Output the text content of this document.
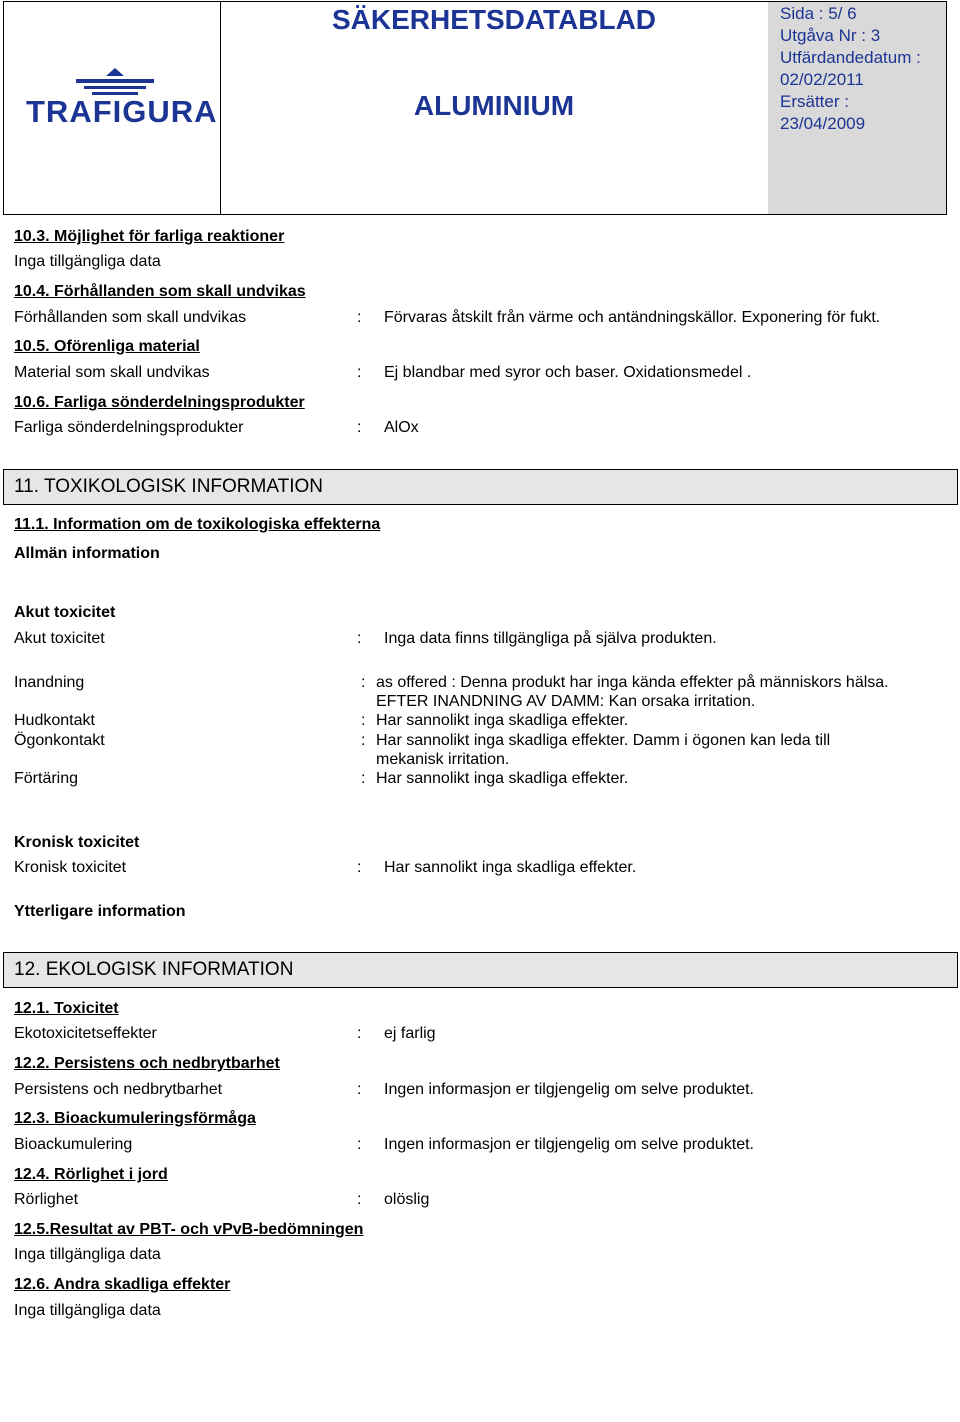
TRAFIGURA
SÄKERHETSDATABLAD
ALUMINIUM
Sida : 5/ 6
Utgåva Nr : 3
Utfärdandedatum :
02/02/2011
Ersätter :
23/04/2009
10.3. Möjlighet för farliga reaktioner
Inga tillgängliga data
10.4. Förhållanden som skall undvikas
Förhållanden som skall undvikas	: Förvaras åtskilt från värme och antändningskällor. Exponering för fukt.
10.5. Oförenliga material
Material som skall undvikas	: Ej blandbar med syror och baser. Oxidationsmedel .
10.6. Farliga sönderdelningsprodukter
Farliga sönderdelningsprodukter	: AlOx
11. TOXIKOLOGISK INFORMATION
11.1. Information om de toxikologiska effekterna
Allmän information
Akut toxicitet
Akut toxicitet	: Inga data finns tillgängliga på själva produkten.
Inandning	: as offered : Denna produkt har inga kända effekter på människors hälsa.
EFTER INANDNING AV DAMM: Kan orsaka irritation.
Hudkontakt	: Har sannolikt inga skadliga effekter.
Ögonkontakt	: Har sannolikt inga skadliga effekter. Damm i ögonen kan leda till
mekanisk irritation.
Förtäring	: Har sannolikt inga skadliga effekter.
Kronisk toxicitet
Kronisk toxicitet	: Har sannolikt inga skadliga effekter.
Ytterligare information
12. EKOLOGISK INFORMATION
12.1. Toxicitet
Ekotoxicitetseffekter	: ej farlig
12.2. Persistens och nedbrytbarhet
Persistens och nedbrytbarhet	: Ingen informasjon er tilgjengelig om selve produktet.
12.3. Bioackumuleringsförmåga
Bioackumulering	: Ingen informasjon er tilgjengelig om selve produktet.
12.4. Rörlighet i jord
Rörlighet	: olöslig
12.5.Resultat av PBT- och vPvB-bedömningen
Inga tillgängliga data
12.6. Andra skadliga effekter
Inga tillgängliga data
